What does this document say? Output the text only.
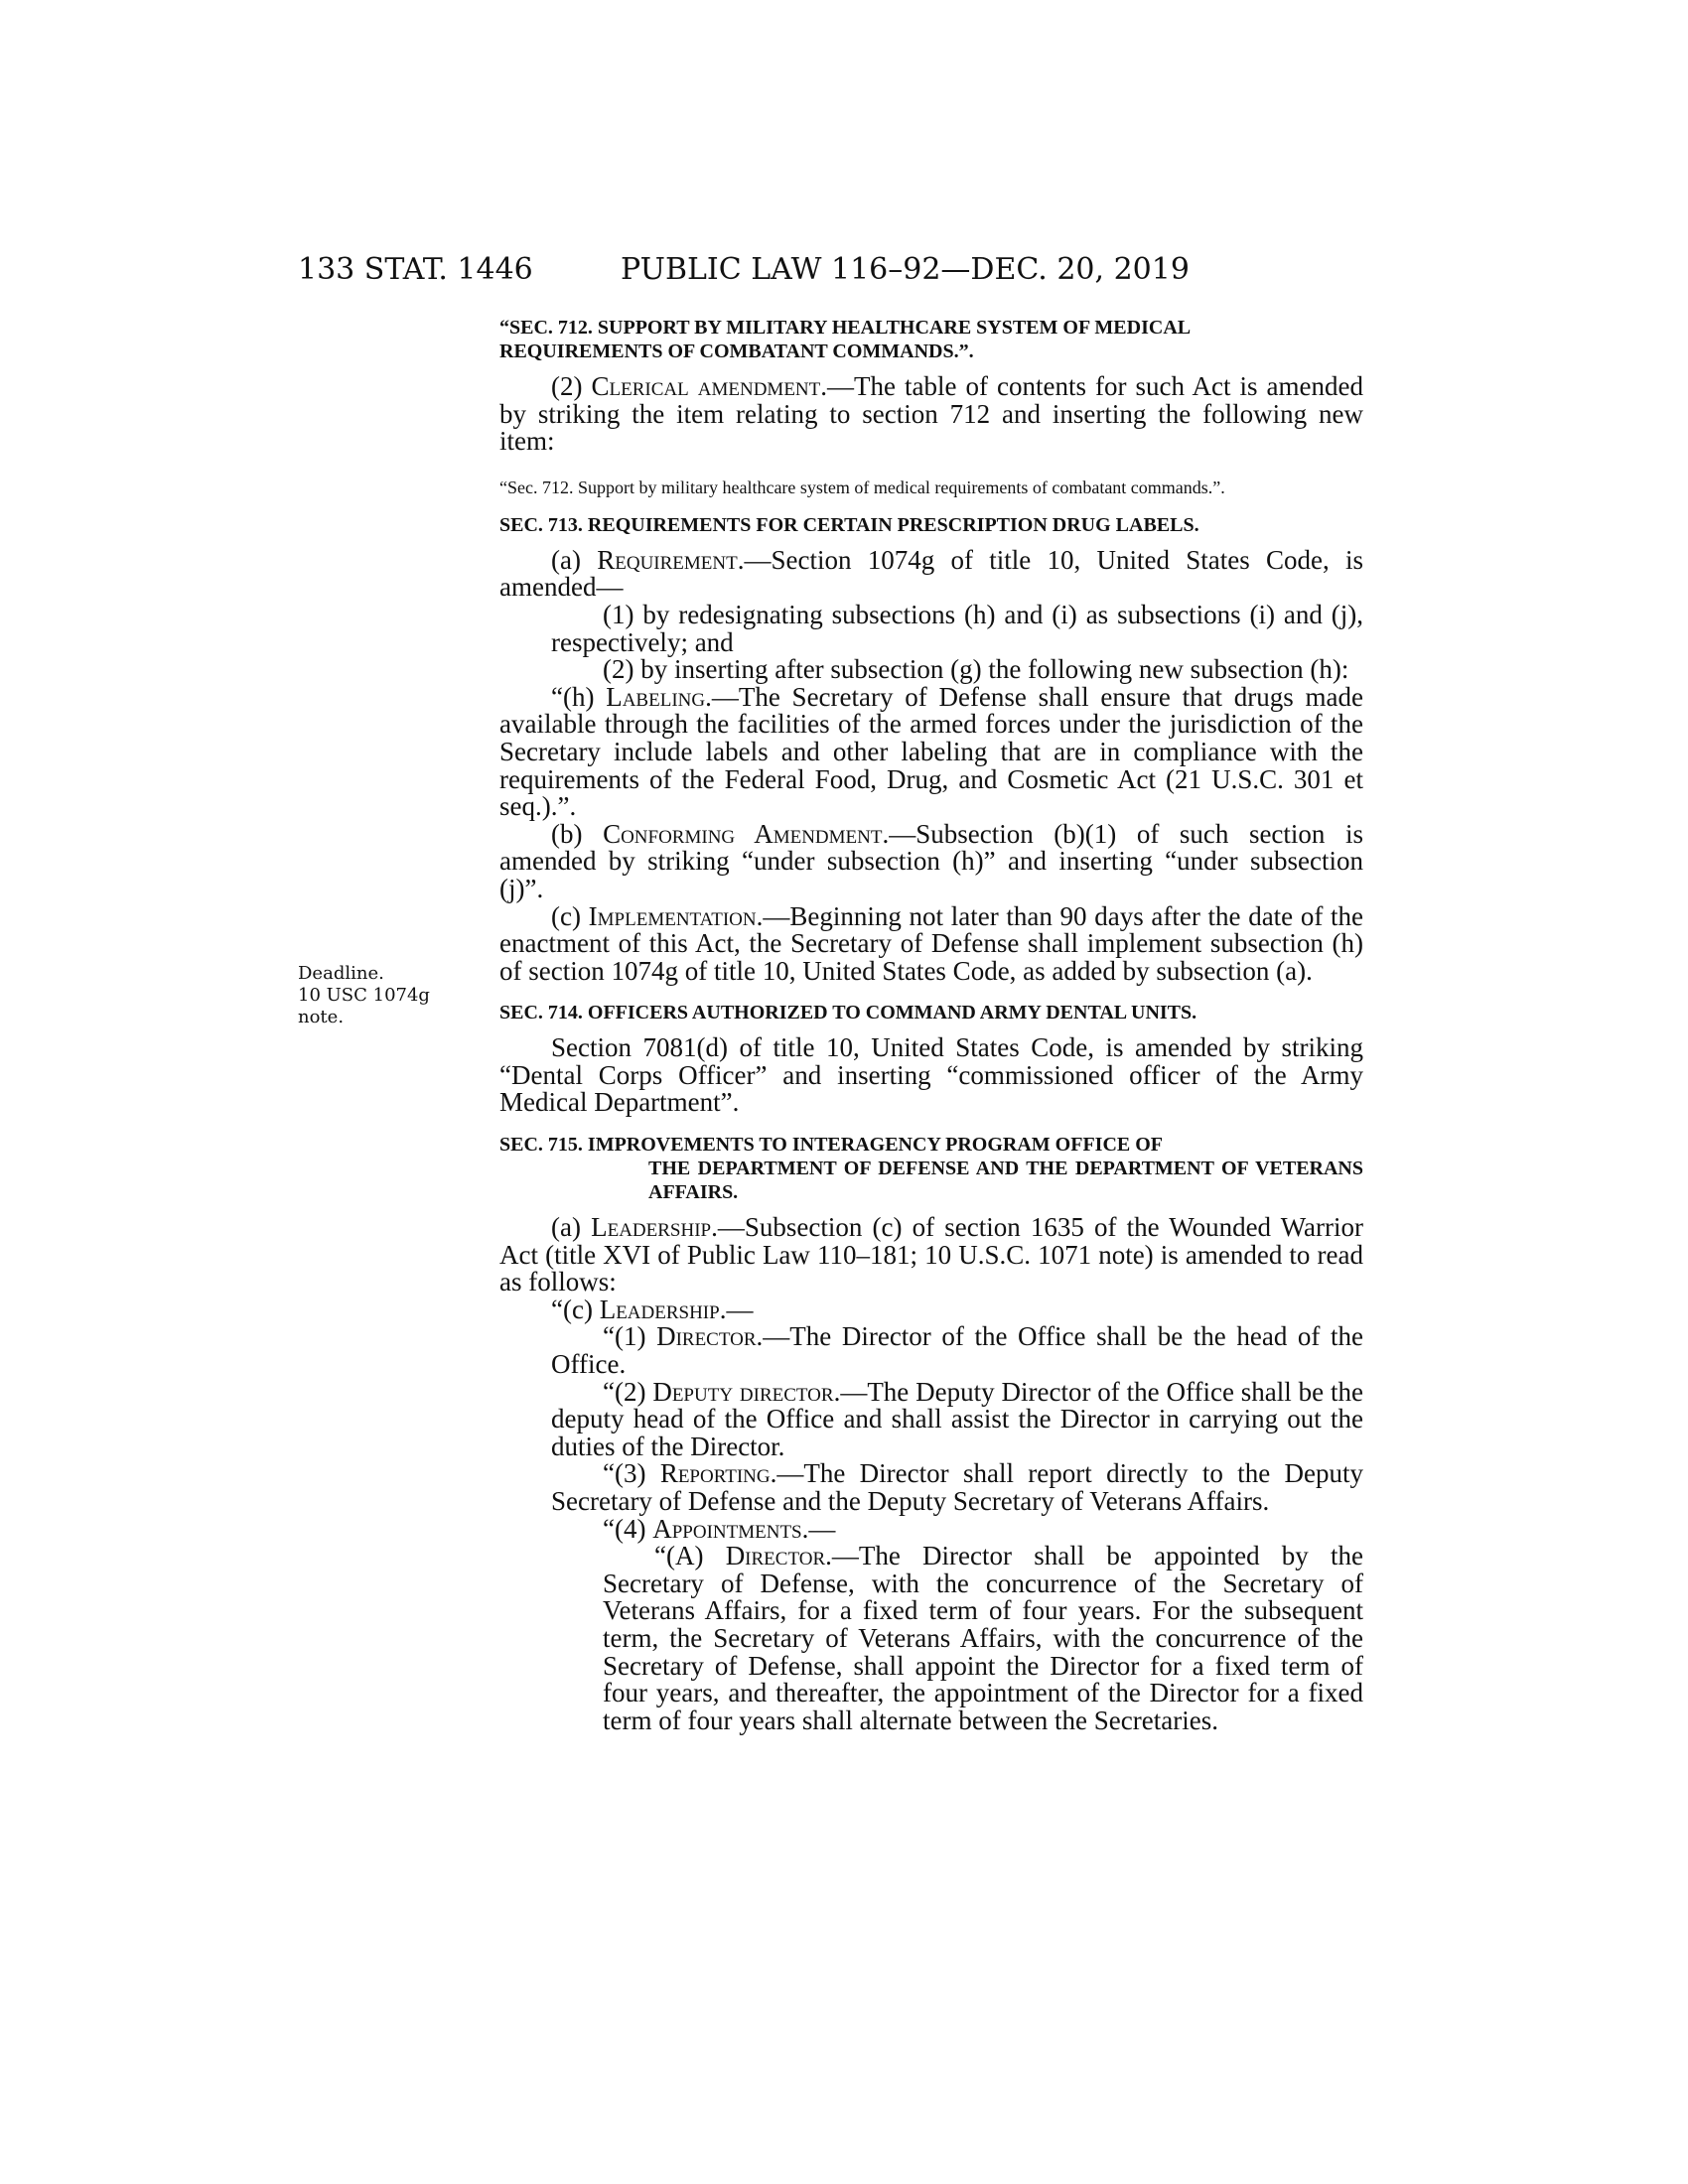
133 STAT. 1446	PUBLIC LAW 116–92—DEC. 20, 2019
Deadline.
10 USC 1074g
note.
“SEC. 712. SUPPORT BY MILITARY HEALTHCARE SYSTEM OF MEDICAL
REQUIREMENTS OF COMBATANT COMMANDS.”.

(2) Clerical amendment.—The table of contents for such Act is amended by striking the item relating to section 712 and inserting the following new item:

“Sec. 712. Support by military healthcare system of medical requirements of combatant commands.”.

SEC. 713. REQUIREMENTS FOR CERTAIN PRESCRIPTION DRUG LABELS.

(a) Requirement.—Section 1074g of title 10, United States Code, is amended—

(1) by redesignating subsections (h) and (i) as subsections (i) and (j), respectively; and

(2) by inserting after subsection (g) the following new subsection (h):

“(h) Labeling.—The Secretary of Defense shall ensure that drugs made available through the facilities of the armed forces under the jurisdiction of the Secretary include labels and other labeling that are in compliance with the requirements of the Federal Food, Drug, and Cosmetic Act (21 U.S.C. 301 et seq.).”.

(b) Conforming Amendment.—Subsection (b)(1) of such section is amended by striking “under subsection (h)” and inserting “under subsection (j)”.

(c) Implementation.—Beginning not later than 90 days after the date of the enactment of this Act, the Secretary of Defense shall implement subsection (h) of section 1074g of title 10, United States Code, as added by subsection (a).

SEC. 714. OFFICERS AUTHORIZED TO COMMAND ARMY DENTAL UNITS.

Section 7081(d) of title 10, United States Code, is amended by striking “Dental Corps Officer” and inserting “commissioned officer of the Army Medical Department”.

SEC. 715. IMPROVEMENTS TO INTERAGENCY PROGRAM OFFICE OF
THE DEPARTMENT OF DEFENSE AND THE DEPARTMENT OF VETERANS AFFAIRS.

(a) Leadership.—Subsection (c) of section 1635 of the Wounded Warrior Act (title XVI of Public Law 110–181; 10 U.S.C. 1071 note) is amended to read as follows:

“(c) Leadership.—

“(1) Director.—The Director of the Office shall be the head of the Office.

“(2) Deputy director.—The Deputy Director of the Office shall be the deputy head of the Office and shall assist the Director in carrying out the duties of the Director.

“(3) Reporting.—The Director shall report directly to the Deputy Secretary of Defense and the Deputy Secretary of Veterans Affairs.

“(4) Appointments.—

“(A) Director.—The Director shall be appointed by the Secretary of Defense, with the concurrence of the Secretary of Veterans Affairs, for a fixed term of four years. For the subsequent term, the Secretary of Veterans Affairs, with the concurrence of the Secretary of Defense, shall appoint the Director for a fixed term of four years, and thereafter, the appointment of the Director for a fixed term of four years shall alternate between the Secretaries.
